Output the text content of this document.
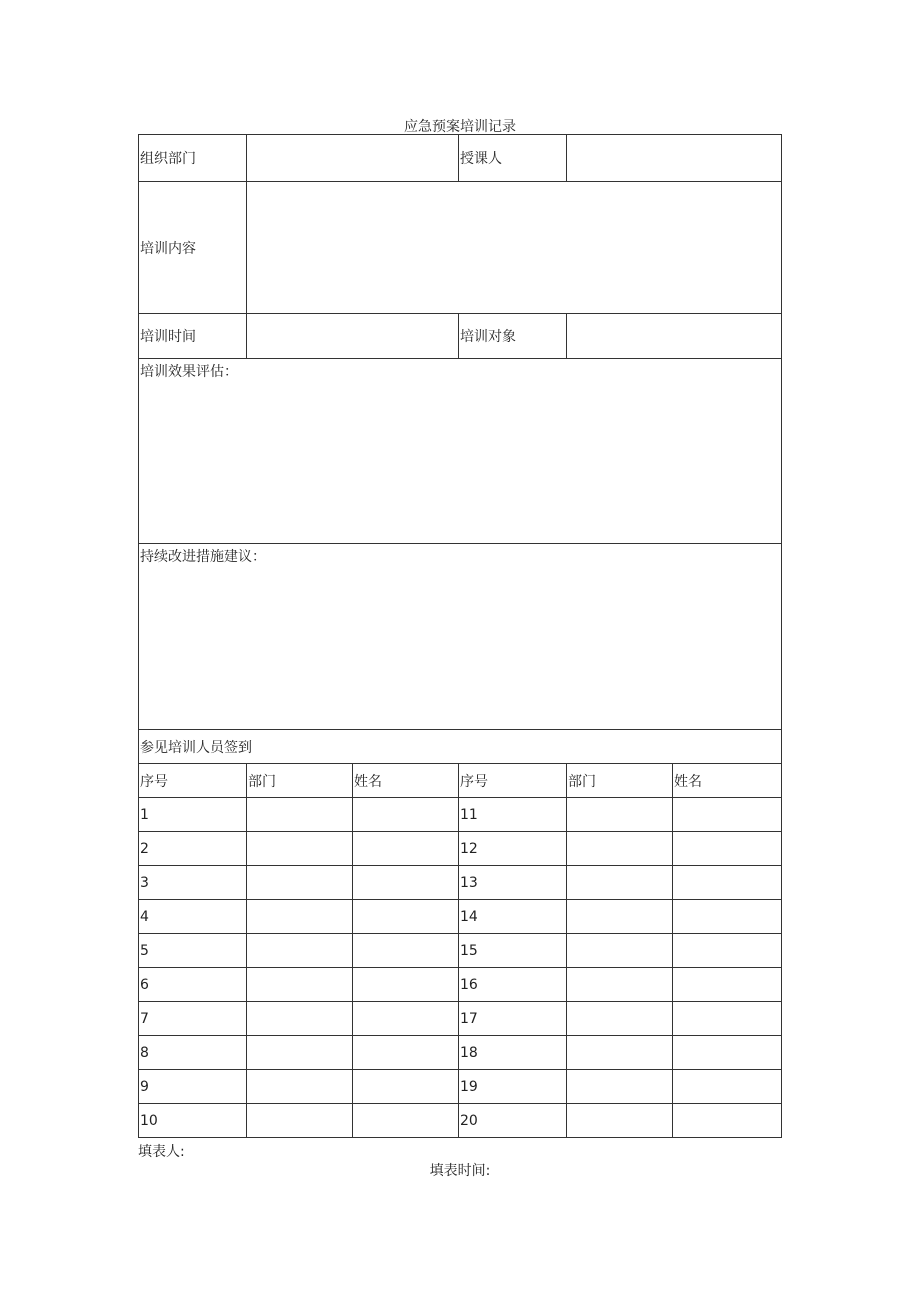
应急预案培训记录
组织部门			授课人		
培训内容					
培训时间			培训对象		
培训效果评估：					
持续改进措施建议：					
参见培训人员签到					
序号	部门	姓名	序号	部门	姓名
1			11		
2			12		
3			13		
4			14		
5			15		
6			16		
7			17		
8			18		
9			19		
10			20		
填表人:
填表时间:
